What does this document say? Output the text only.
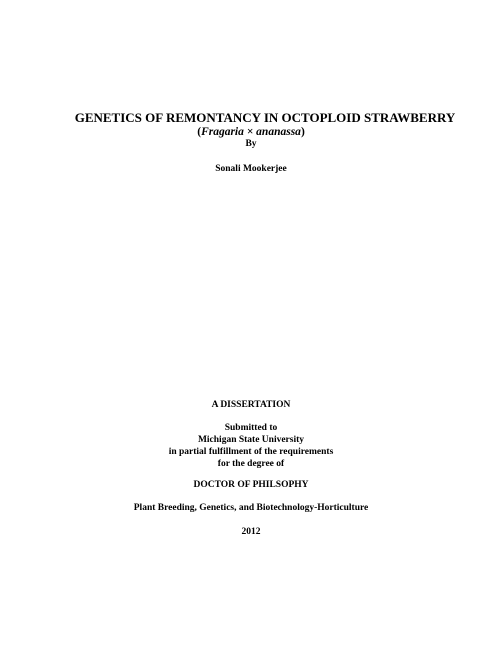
GENETICS OF REMONTANCY IN OCTOPLOID STRAWBERRY
(Fragaria × ananassa)
By
Sonali Mookerjee
A DISSERTATION
Submitted to
Michigan State University
in partial fulfillment of the requirements
for the degree of
DOCTOR OF PHILSOPHY
Plant Breeding, Genetics, and Biotechnology-Horticulture
2012
